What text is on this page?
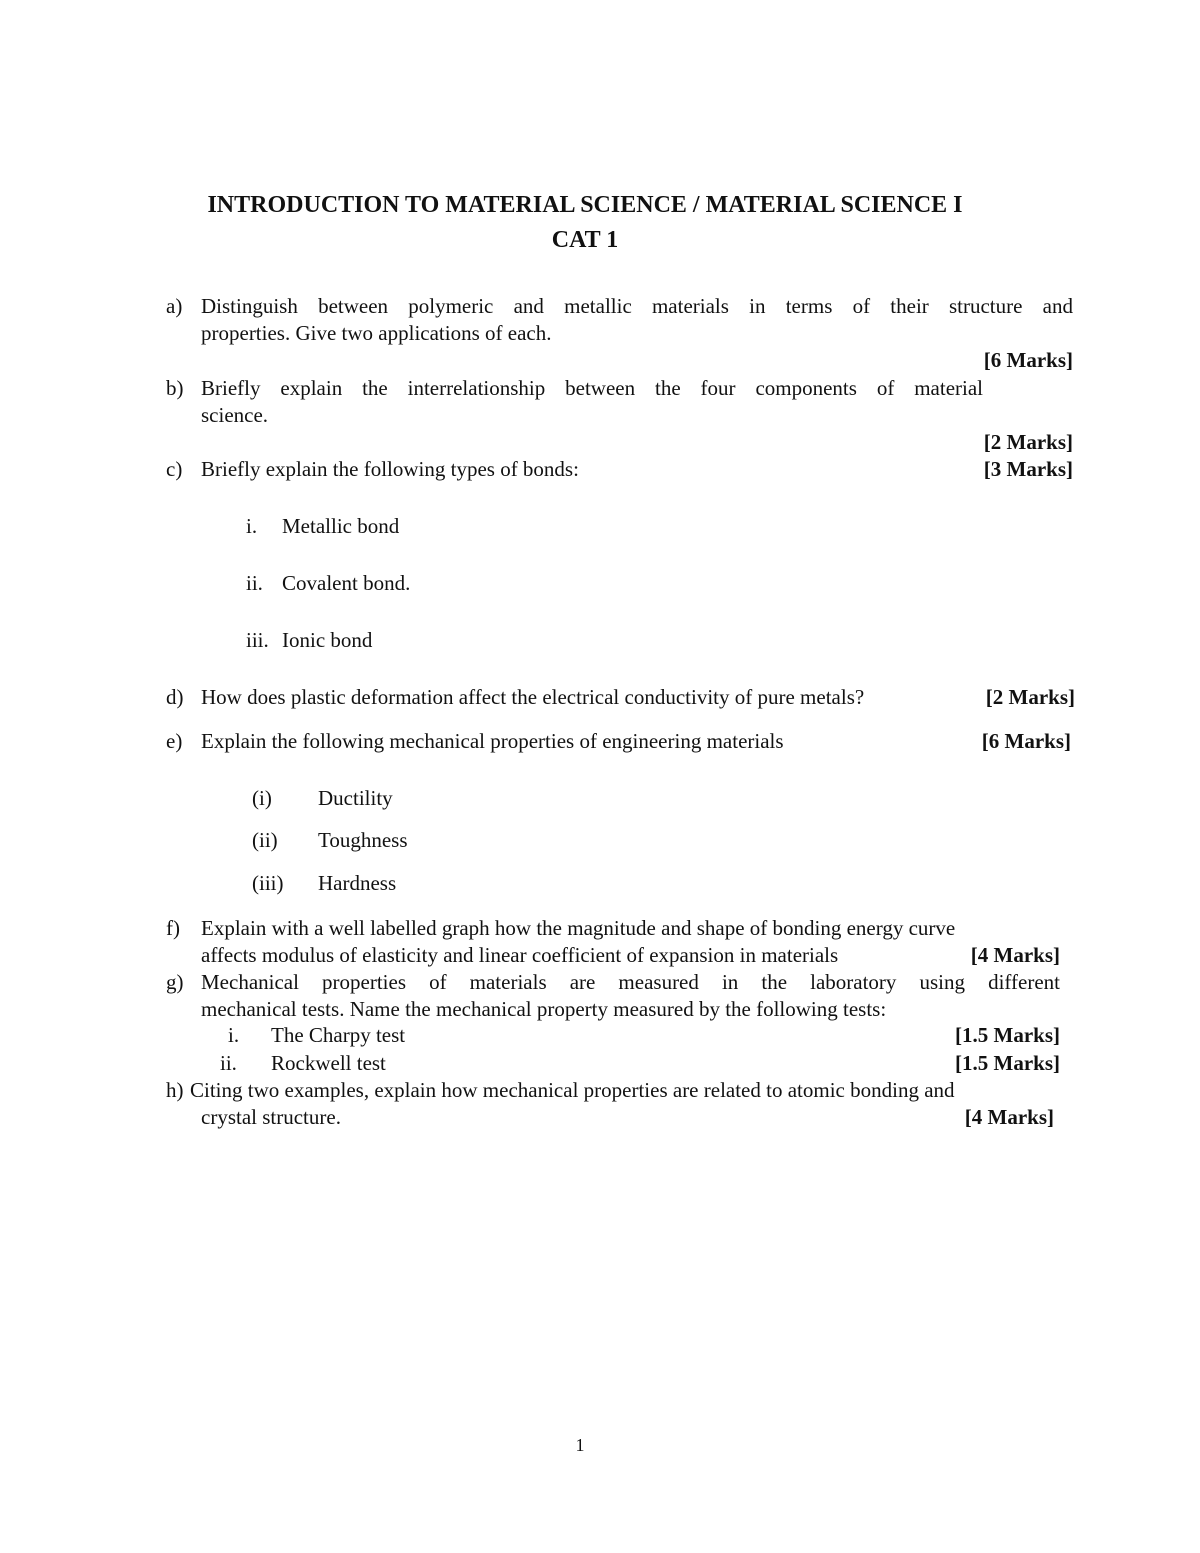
INTRODUCTION TO MATERIAL SCIENCE / MATERIAL SCIENCE I
CAT 1
a) Distinguish between polymeric and metallic materials in terms of their structure and
properties. Give two applications of each.
[6 Marks]
b) Briefly explain the interrelationship between the four components of material
science.
[2 Marks]
c) Briefly explain the following types of bonds:	[3 Marks]
i. Metallic bond
ii. Covalent bond.
iii. Ionic bond
d) How does plastic deformation affect the electrical conductivity of pure metals?	[2 Marks]
e) Explain the following mechanical properties of engineering materials	[6 Marks]
(i) Ductility
(ii) Toughness
(iii) Hardness
f) Explain with a well labelled graph how the magnitude and shape of bonding energy curve
affects modulus of elasticity and linear coefficient of expansion in materials	[4 Marks]
g) Mechanical properties of materials are measured in the laboratory using different
mechanical tests. Name the mechanical property measured by the following tests:
i. The Charpy test	[1.5 Marks]
ii. Rockwell test	[1.5 Marks]
h) Citing two examples, explain how mechanical properties are related to atomic bonding and
crystal structure.	[4 Marks]
1
